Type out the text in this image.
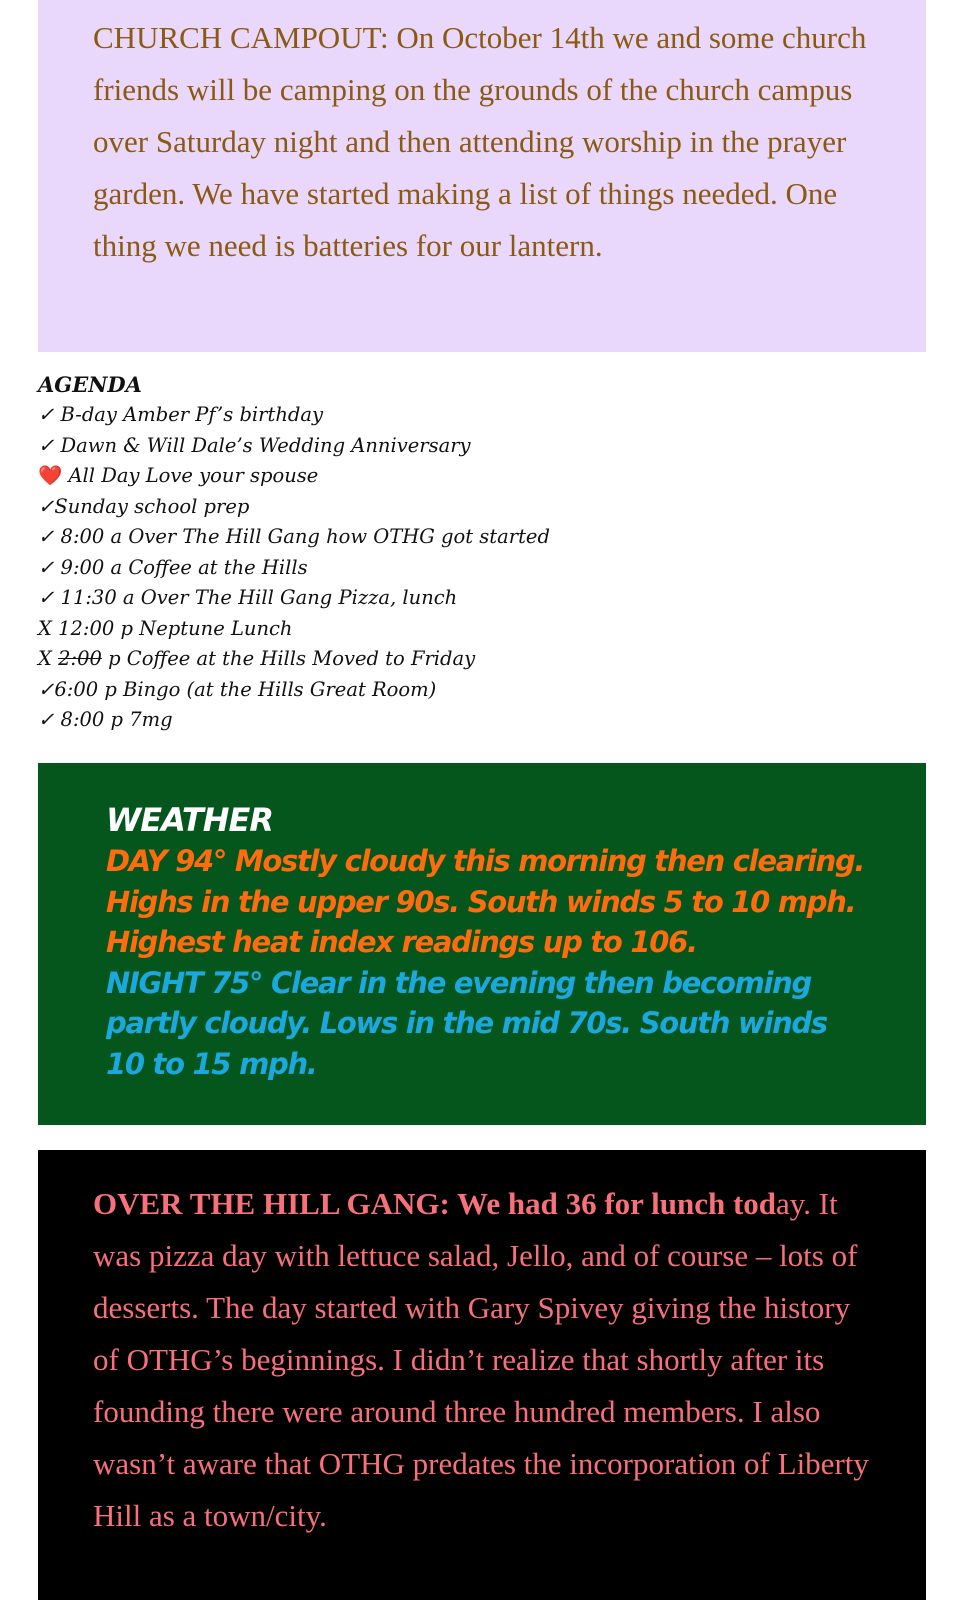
CHURCH CAMPOUT: On October 14th we and some church friends will be camping on the grounds of the church campus over Saturday night and then attending worship in the prayer garden. We have started making a list of things needed. One thing we need is batteries for our lantern.

AGENDA
✓ B-day Amber Pf’s birthday
✓ Dawn & Will Dale’s Wedding Anniversary
❤️ All Day Love your spouse
✓Sunday school prep
✓ 8:00 a Over The Hill Gang how OTHG got started
✓ 9:00 a Coffee at the Hills
✓ 11:30 a Over The Hill Gang Pizza, lunch
X 12:00 p Neptune Lunch
X 2:00 p Coffee at the Hills Moved to Friday
✓6:00 p Bingo (at the Hills Great Room)
✓ 8:00 p 7mg
WEATHER
DAY 94° Mostly cloudy this morning then clearing. Highs in the upper 90s. South winds 5 to 10 mph. Highest heat index readings up to 106.
NIGHT 75° Clear in the evening then becoming partly cloudy. Lows in the mid 70s. South winds 10 to 15 mph.

OVER THE HILL GANG: We had 36 for lunch today. It was pizza day with lettuce salad, Jello, and of course – lots of desserts. The day started with Gary Spivey giving the history of OTHG’s beginnings. I didn’t realize that shortly after its founding there were around three hundred members. I also wasn’t aware that OTHG predates the incorporation of Liberty Hill as a town/city.
